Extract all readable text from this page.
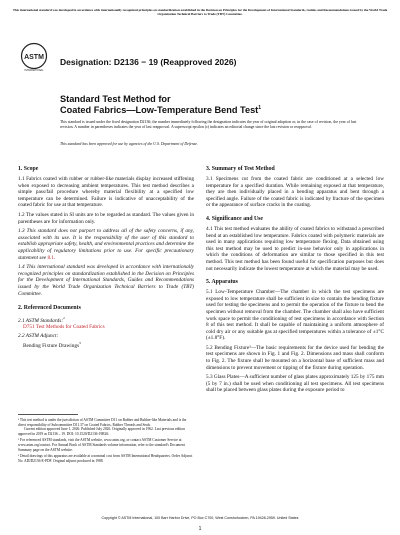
This international standard was developed in accordance with internationally recognized principles on standardization established in the Decision on Principles for the Development of International Standards, Guides and Recommendations issued by the World Trade Organization Technical Barriers to Trade (TBT) Committee.
ASTM
INTERNATIONAL
Designation: D2136 − 19 (Reapproved 2026)
Standard Test Method for
Coated Fabrics—Low-Temperature Bend Test$^1$
This standard is issued under the fixed designation D2136; the number immediately following the designation indicates the year of original adoption or, in the case of revision, the year of last revision. A number in parentheses indicates the year of last reapproval. A superscript epsilon (ε) indicates an editorial change since the last revision or reapproval.
This standard has been approved for use by agencies of the U.S. Department of Defense.
1. Scope

1.1 Fabrics coated with rubber or rubber-like materials display increased stiffening when exposed to decreasing ambient temperatures. This test method describes a simple pass/fail procedure whereby material flexibility at a specified low temperature can be determined. Failure is indicative of unacceptability of the coated fabric for use at that temperature.

1.2 The values stated in SI units are to be regarded as standard. The values given in parentheses are for information only.

1.3 This standard does not purport to address all of the safety concerns, if any, associated with its use. It is the responsibility of the user of this standard to establish appropriate safety, health, and environmental practices and determine the applicability of regulatory limitations prior to use. For specific precautionary statement see 8.1.

1.4 This international standard was developed in accordance with internationally recognized principles on standardization established in the Decision on Principles for the Development of International Standards, Guides and Recommendations issued by the World Trade Organization Technical Barriers to Trade (TBT) Committee.

2. Referenced Documents

2.1 ASTM Standards:$^2$

D751 Test Methods for Coated Fabrics

2.2 ASTM Adjunct:

Bending Fixture Drawings$^3$

¹ This test method is under the jurisdiction of ASTM Committee D11 on Rubber and Rubber-like Materials and is the direct responsibility of Subcommittee D11.37 on Coated Fabrics, Rubber Threads and Seals.

Current edition approved June 1, 2026. Published July 2026. Originally approved in 1962. Last previous edition approved in 2019 as D2136 – 19. DOI: 10.1520/D2136-19R26.

² For referenced ASTM standards, visit the ASTM website, www.astm.org, or contact ASTM Customer Service at www.astm.org/contact. For Annual Book of ASTM Standards volume information, refer to the standard's Document Summary page on the ASTM website.

³ Detail drawings of this apparatus are available at a nominal cost from ASTM International Headquarters. Order Adjunct No. ADJD2136-E-PDF. Original adjunct produced in 1988.

3. Summary of Test Method

3.1 Specimens cut from the coated fabric are conditioned at a selected low temperature for a specified duration. While remaining exposed at that temperature, they are then individually placed in a bending apparatus and bent through a specified angle. Failure of the coated fabric is indicated by fracture of the specimen or the appearance of surface cracks in the coating.

4. Significance and Use

4.1 This test method evaluates the ability of coated fabrics to withstand a prescribed bend at an established low temperature. Fabrics coated with polymeric materials are used in many applications requiring low temperature flexing. Data obtained using this test method may be used to predict in-use behavior only in applications in which the conditions of deformation are similar to those specified in this test method. This test method has been found useful for specification purposes but does not necessarily indicate the lowest temperature at which the material may be used.

5. Apparatus

5.1 Low-Temperature Chamber—The chamber in which the test specimens are exposed to low temperature shall be sufficient in size to contain the bending fixture used for testing the specimens and to permit the operation of the fixture to bend the specimen without removal from the chamber. The chamber shall also have sufficient work space to permit the conditioning of test specimens in accordance with Section 8 of this test method. It shall be capable of maintaining a uniform atmosphere of cold dry air or any suitable gas at specified temperatures within a tolerance of ±1°C (±1.8°F).

5.2 Bending Fixture³—The basic requirements for the device used for bending the test specimens are shown in Fig. 1 and Fig. 2. Dimensions and mass shall conform to Fig. 2. The fixture shall be mounted on a horizontal base of sufficient mass and dimensions to prevent movement or tipping of the fixture during operation.

5.3 Glass Plates—A sufficient number of glass plates approximately 125 by 175 mm (5 by 7 in.) shall be used when conditioning all test specimens. All test specimens shall be placed between glass plates during the exposure period to

Copyright © ASTM International, 100 Barr Harbor Drive, PO Box C700, West Conshohocken, PA 19428-2959. United States
1
